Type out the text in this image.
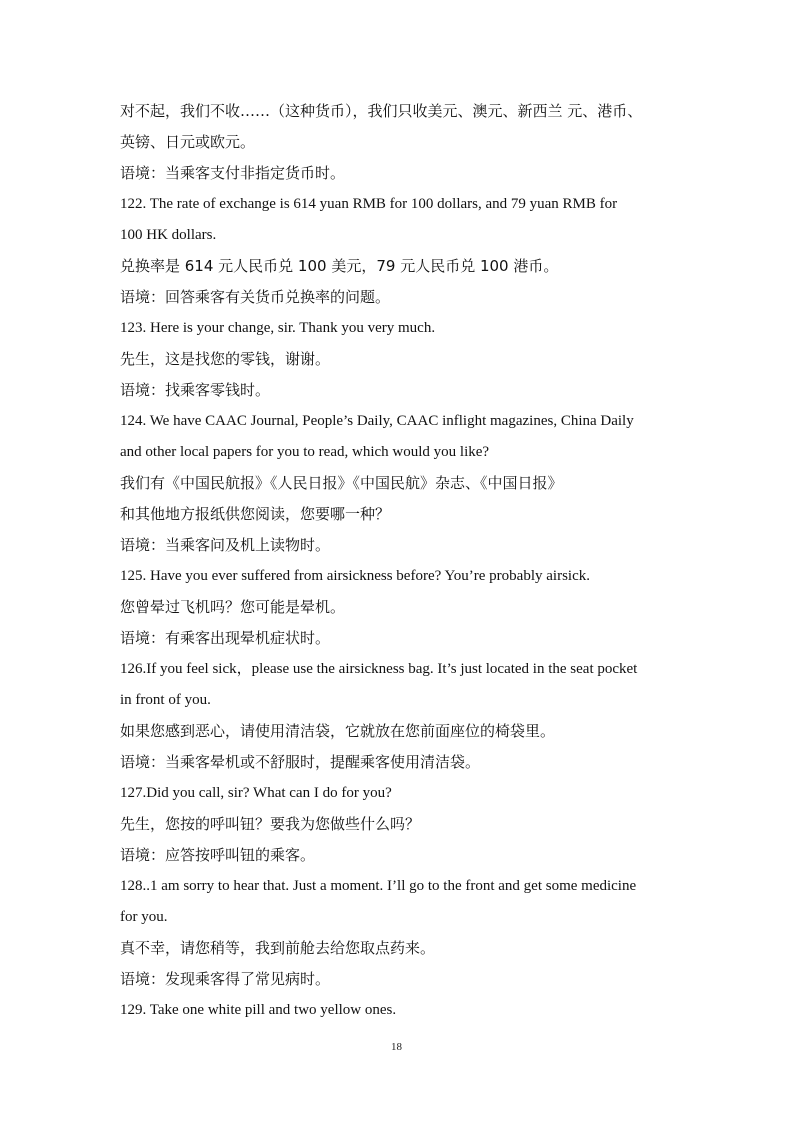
对不起，我们不收……（这种货币），我们只收美元、澳元、新西兰 元、港币、
英镑、日元或欧元。
语境：当乘客支付非指定货币时。
122. The rate of exchange is 614 yuan RMB for 100 dollars, and 79 yuan RMB for
100 HK dollars.
兑换率是 614 元人民币兑 100 美元，79 元人民币兑 100 港币。
语境：回答乘客有关货币兑换率的问题。
123. Here is your change, sir. Thank you very much.
先生，这是找您的零钱，谢谢。
语境：找乘客零钱时。
124. We have CAAC Journal, People’s Daily, CAAC inflight magazines, China Daily
and other local papers for you to read, which would you like?
我们有《中国民航报》《人民日报》《中国民航》杂志、《中国日报》
和其他地方报纸供您阅读，您要哪一种？
语境：当乘客问及机上读物时。
125. Have you ever suffered from airsickness before? You’re probably airsick.
您曾晕过飞机吗？您可能是晕机。
语境：有乘客出现晕机症状时。
126.If you feel sick，please use the airsickness bag. It’s just located in the seat pocket
in front of you.
如果您感到恶心，请使用清洁袋，它就放在您前面座位的椅袋里。
语境：当乘客晕机或不舒服时，提醒乘客使用清洁袋。
127.Did you call, sir? What can I do for you?
先生，您按的呼叫钮？要我为您做些什么吗？
语境：应答按呼叫钮的乘客。
128..1 am sorry to hear that. Just a moment. I’ll go to the front and get some medicine
for you.
真不幸，请您稍等，我到前舱去给您取点药来。
语境：发现乘客得了常见病时。
129. Take one white pill and two yellow ones.
18
